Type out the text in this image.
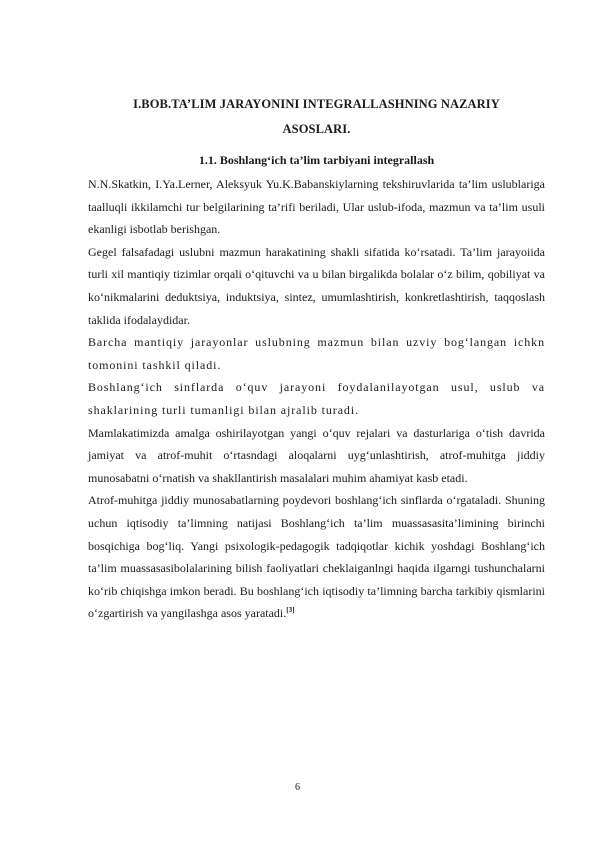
I.BOB.TA’LIM JARAYONINI INTEGRALLASHNING NAZARIY
ASOSLARI.
1.1. Boshlang‘ich ta’lim tarbiyani integrallash

N.N.Skatkin, I.Ya.Lerner, Aleksyuk Yu.K.Babanskiylarning tekshiruvlarida ta’lim uslublariga taalluqli ikkilamchi tur belgilarining ta’rifi beriladi, Ular uslub-ifoda, mazmun va ta’lim usuli ekanligi isbotlab berishgan.

Gegel falsafadagi uslubni mazmun harakatining shakli sifatida ko‘rsatadi. Ta’lim jarayoiida turli xil mantiqiy tizimlar orqali o‘qituvchi va u bilan birgalikda bolalar o‘z bilim, qobiliyat va ko‘nikmalarini deduktsiya, induktsiya, sintez, umumlashtirish, konkretlashtirish, taqqoslash taklida ifodalaydidar.

Barcha mantiqiy jarayonlar uslubning mazmun bilan uzviy bog‘langan ichkn tomonini tashkil qiladi.

Boshlang‘ich sinflarda o‘quv jarayoni foydalanilayotgan usul, uslub va shaklarining turli tumanligi bilan ajralib turadi.

Mamlakatimizda amalga oshirilayotgan yangi o‘quv rejalari va dasturlariga o‘tish davrida jamiyat va atrof-muhit o‘rtasndagi aloqalarni uyg‘unlashtirish, atrof-muhitga jiddiy munosabatni o‘rnatish va shakllantirish masalalari muhim ahamiyat kasb etadi.

Atrof-muhitga jiddiy munosabatlarning poydevori boshlang‘ich sinflarda o‘rgataladi. Shuning uchun iqtisodiy ta’limning natijasi Boshlang‘ich ta’lim muassasasita’limining birinchi bosqichiga bog‘liq. Yangi psixologik-pedagogik tadqiqotlar kichik yoshdagi Boshlang‘ich ta’lim muassasasibolalarining bilish faoliyatlari cheklaiganlngi haqida ilgarngi tushunchalarni ko‘rib chiqishga imkon beradi. Bu boshlang‘ich iqtisodiy ta’limning barcha tarkibiy qismlarini o‘zgartirish va yangilashga asos yaratadi.[3]

6
